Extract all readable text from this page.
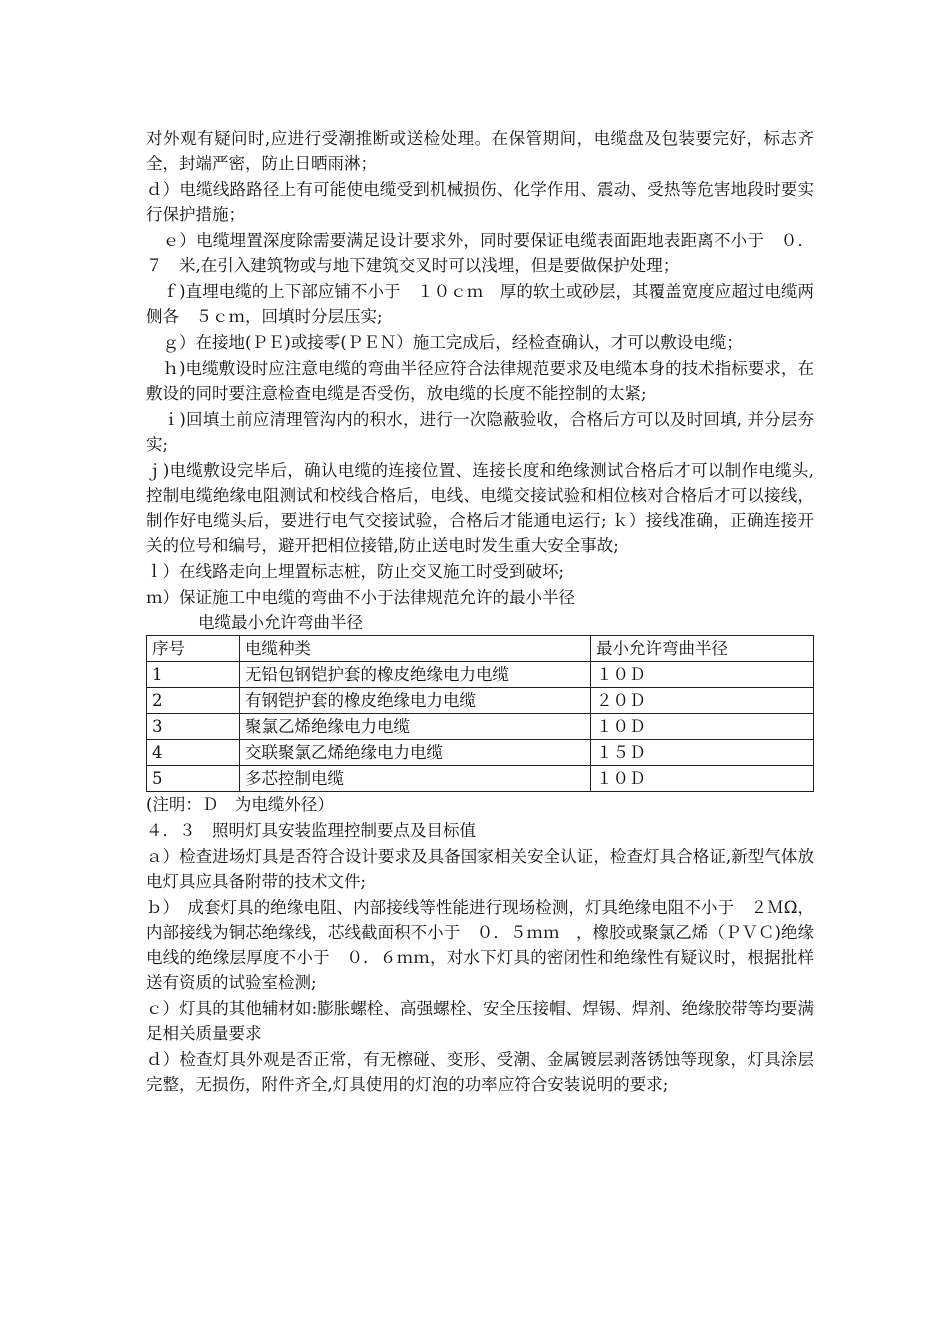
对外观有疑问时,应进行受潮推断或送检处理。在保管期间，电缆盘及包装要完好，标志齐全，封端严密，防止日晒雨淋；

ｄ）电缆线路路径上有可能使电缆受到机械损伤、化学作用、震动、受热等危害地段时要实行保护措施；

　ｅ）电缆埋置深度除需要满足设计要求外，同时要保证电缆表面距地表距离不小于　０．７　米,在引入建筑物或与地下建筑交叉时可以浅埋，但是要做保护处理；

　ｆ)直埋电缆的上下部应铺不小于　１０ｃｍ　厚的软土或砂层，其覆盖宽度应超过电缆两侧各　５ｃｍ，回填时分层压实;

　ｇ）在接地(ＰＥ)或接零(ＰＥＮ）施工完成后，经检查确认，才可以敷设电缆；

　ｈ)电缆敷设时应注意电缆的弯曲半径应符合法律规范要求及电缆本身的技术指标要求，在敷设的同时要注意检查电缆是否受伤，放电缆的长度不能控制的太紧;

　ｉ)回填土前应清理管沟内的积水，进行一次隐蔽验收，合格后方可以及时回填, 并分层夯实;

ｊ)电缆敷设完毕后，确认电缆的连接位置、连接长度和绝缘测试合格后才可以制作电缆头,控制电缆绝缘电阻测试和校线合格后，电线、电缆交接试验和相位核对合格后才可以接线，制作好电缆头后，要进行电气交接试验，合格后才能通电运行; ｋ）接线准确，正确连接开关的位号和编号，避开把相位接错,防止送电时发生重大安全事故;

ｌ）在线路走向上埋置标志桩，防止交叉施工时受到破坏;

ｍ）保证施工中电缆的弯曲不小于法律规范允许的最小半径

电缆最小允许弯曲半径

序号	电缆种类	最小允许弯曲半径
1	无铅包钢铠护套的橡皮绝缘电力电缆	１０Ｄ
2	有钢铠护套的橡皮绝缘电力电缆	２０Ｄ
3	聚氯乙烯绝缘电力电缆	１０Ｄ
4	交联聚氯乙烯绝缘电力电缆	１５Ｄ
5	多芯控制电缆	１０Ｄ

(注明：Ｄ　为电缆外径）

４．３　照明灯具安装监理控制要点及目标值

ａ）检查进场灯具是否符合设计要求及具备国家相关安全认证，检查灯具合格证,新型气体放电灯具应具备附带的技术文件;

ｂ）　成套灯具的绝缘电阻、内部接线等性能进行现场检测，灯具绝缘电阻不小于　２ＭΩ，内部接线为铜芯绝缘线，芯线截面积不小于　０．５ｍｍ　，橡胶或聚氯乙烯（ＰＶＣ)绝缘电线的绝缘层厚度不小于　０．６ｍｍ，对水下灯具的密闭性和绝缘性有疑议时，根据批样送有资质的试验室检测;

ｃ）灯具的其他辅材如:膨胀螺栓、高强螺栓、安全压接帽、焊锡、焊剂、绝缘胶带等均要满足相关质量要求

ｄ）检查灯具外观是否正常，有无檫碰、变形、受潮、金属镀层剥落锈蚀等现象，灯具涂层完整，无损伤，附件齐全,灯具使用的灯泡的功率应符合安装说明的要求;
